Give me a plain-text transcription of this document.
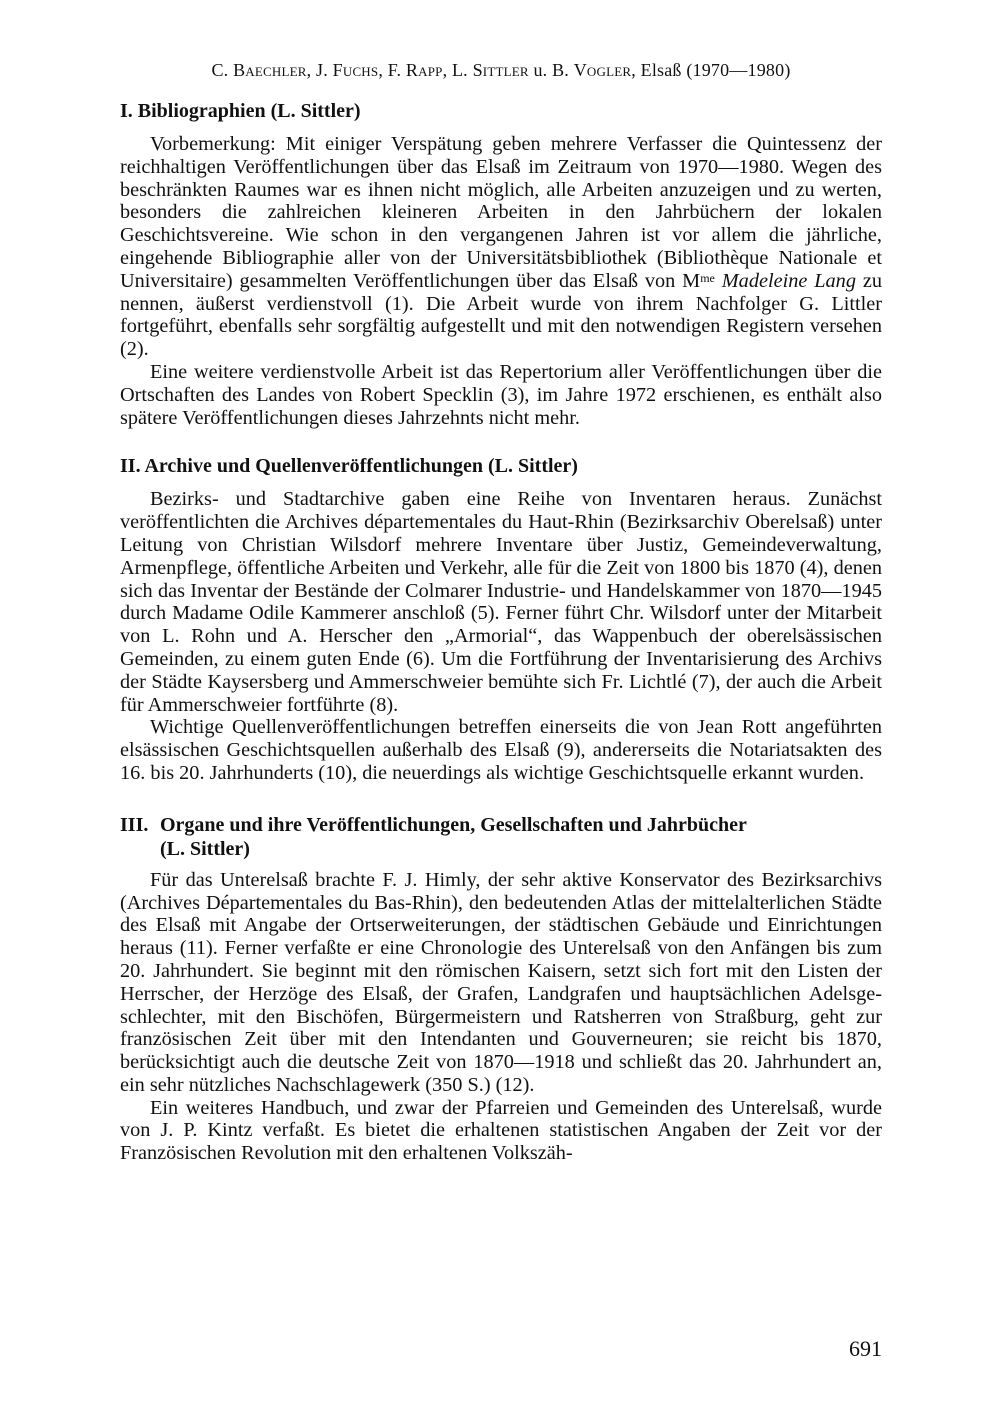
C. Baechler, J. Fuchs, F. Rapp, L. Sittler u. B. Vogler, Elsaß (1970—1980)
I. Bibliographien (L. Sittler)

Vorbemerkung: Mit einiger Verspätung geben mehrere Verfasser die Quintessenz der reichhaltigen Veröffentlichungen über das Elsaß im Zeitraum von 1970—1980. Wegen des beschränkten Raumes war es ihnen nicht möglich, alle Arbeiten anzuzeigen und zu werten, besonders die zahlreichen kleineren Arbeiten in den Jahrbüchern der lokalen Geschichtsvereine. Wie schon in den vergangenen Jahren ist vor allem die jährliche, eingehende Bibliographie aller von der Universitätsbibliothek (Bibliothèque Nationale et Universitaire) gesammelten Veröffentlichungen über das Elsaß von $M^{me}$ Madeleine Lang zu nennen, äußerst verdienstvoll (1). Die Arbeit wurde von ihrem Nachfolger G. Littler fortgeführt, ebenfalls sehr sorgfältig aufgestellt und mit den notwendigen Registern versehen (2).

Eine weitere verdienstvolle Arbeit ist das Repertorium aller Veröffentlichungen über die Ortschaften des Landes von Robert Specklin (3), im Jahre 1972 erschienen, es enthält also spätere Veröffentlichungen dieses Jahrzehnts nicht mehr.

II. Archive und Quellenveröffentlichungen (L. Sittler)

Bezirks- und Stadtarchive gaben eine Reihe von Inventaren heraus. Zunächst veröffentlichten die Archives départementales du Haut-Rhin (Bezirksarchiv Oberelsaß) unter Leitung von Christian Wilsdorf mehrere Inventare über Justiz, Gemeindeverwaltung, Armenpflege, öffentliche Arbeiten und Verkehr, alle für die Zeit von 1800 bis 1870 (4), denen sich das Inventar der Bestände der Colmarer Industrie- und Handelskammer von 1870—1945 durch Madame Odile Kammerer anschloß (5). Ferner führt Chr. Wilsdorf unter der Mitarbeit von L. Rohn und A. Herscher den „Armorial“, das Wappenbuch der oberelsässischen Gemeinden, zu einem guten Ende (6). Um die Fortführung der Inventarisierung des Archivs der Städte Kaysersberg und Ammerschweier bemühte sich Fr. Lichtlé (7), der auch die Arbeit für Ammerschweier fortführte (8).

Wichtige Quellenveröffentlichungen betreffen einerseits die von Jean Rott angeführten elsässischen Geschichtsquellen außerhalb des Elsaß (9), andererseits die Notariatsakten des 16. bis 20. Jahrhunderts (10), die neuerdings als wichtige Geschichtsquelle erkannt wurden.

III. Organe und ihre Veröffentlichungen, Gesellschaften und Jahrbücher
(L. Sittler)

Für das Unterelsaß brachte F. J. Himly, der sehr aktive Konservator des Bezirksarchivs (Archives Départementales du Bas-Rhin), den bedeutenden Atlas der mittelalterlichen Städte des Elsaß mit Angabe der Ortserweiterungen, der städtischen Gebäude und Einrichtungen heraus (11). Ferner verfaßte er eine Chronologie des Unterelsaß von den Anfängen bis zum 20. Jahrhundert. Sie beginnt mit den römischen Kaisern, setzt sich fort mit den Listen der Herrscher, der Herzöge des Elsaß, der Grafen, Landgrafen und hauptsächlichen Adelsgeschlechter, mit den Bischöfen, Bürgermeistern und Ratsherren von Straßburg, geht zur französischen Zeit über mit den Intendanten und Gouverneuren; sie reicht bis 1870, berücksichtigt auch die deutsche Zeit von 1870—1918 und schließt das 20. Jahrhundert an, ein sehr nützliches Nachschlagewerk (350 S.) (12).

Ein weiteres Handbuch, und zwar der Pfarreien und Gemeinden des Unterelsaß, wurde von J. P. Kintz verfaßt. Es bietet die erhaltenen statistischen Angaben der Zeit vor der Französischen Revolution mit den erhaltenen Volkszäh-

691
